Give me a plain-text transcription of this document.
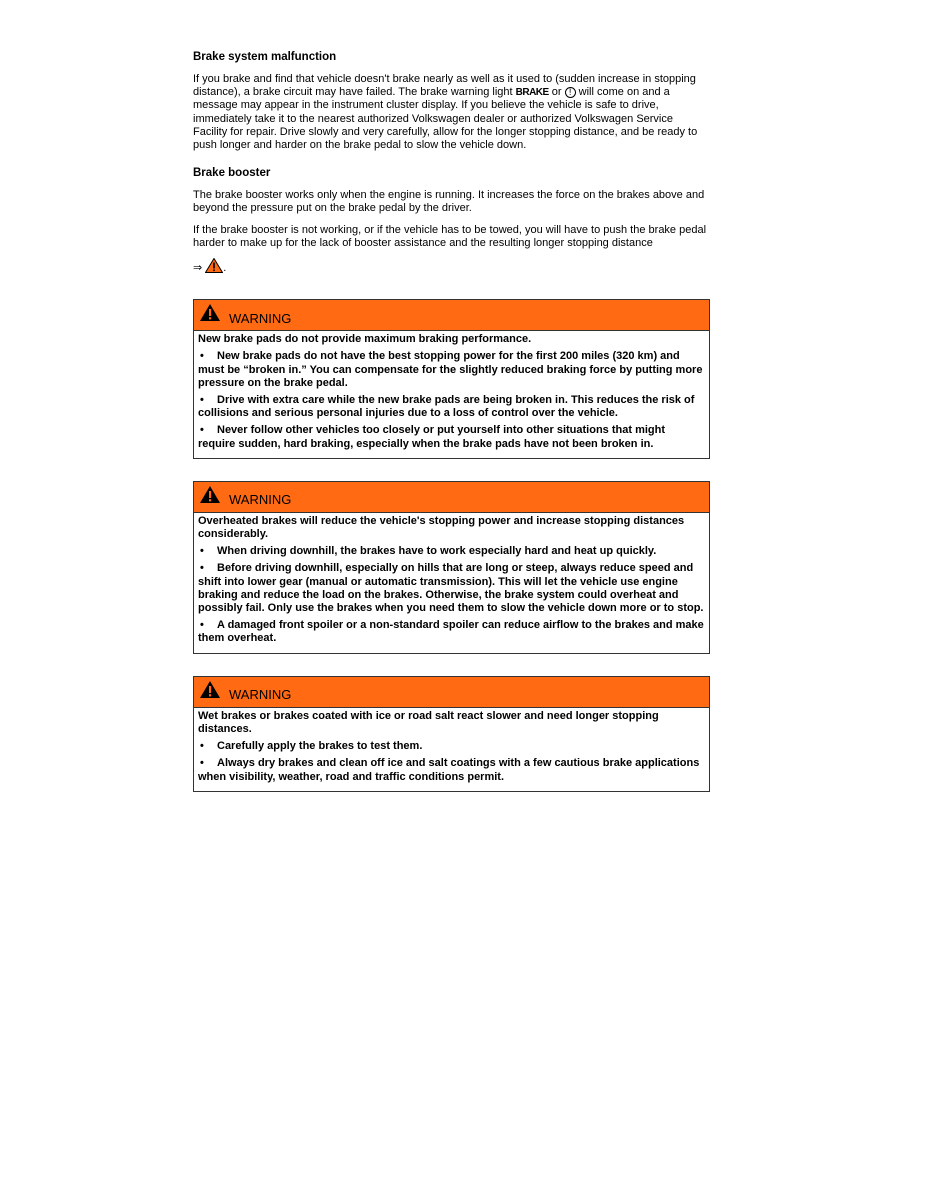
Brake system malfunction

If you brake and find that vehicle doesn't brake nearly as well as it used to (sudden increase in stopping distance), a brake circuit may have failed. The brake warning light BRAKE or ! will come on and a message may appear in the instrument cluster display. If you believe the vehicle is safe to drive, immediately take it to the nearest authorized Volkswagen dealer or authorized Volkswagen Service Facility for repair. Drive slowly and very carefully, allow for the longer stopping distance, and be ready to push longer and harder on the brake pedal to slow the vehicle down.

Brake booster

The brake booster works only when the engine is running. It increases the force on the brakes above and beyond the pressure put on the brake pedal by the driver.

If the brake booster is not working, or if the vehicle has to be towed, you will have to push the brake pedal harder to make up for the lack of booster assistance and the resulting longer stopping distance

⇒ .

WARNING

New brake pads do not provide maximum braking performance.

• New brake pads do not have the best stopping power for the first 200 miles (320 km) and must be “broken in.” You can compensate for the slightly reduced braking force by putting more pressure on the brake pedal.

• Drive with extra care while the new brake pads are being broken in. This reduces the risk of collisions and serious personal injuries due to a loss of control over the vehicle.

• Never follow other vehicles too closely or put yourself into other situations that might require sudden, hard braking, especially when the brake pads have not been broken in.

WARNING

Overheated brakes will reduce the vehicle's stopping power and increase stopping distances considerably.

• When driving downhill, the brakes have to work especially hard and heat up quickly.

• Before driving downhill, especially on hills that are long or steep, always reduce speed and shift into lower gear (manual or automatic transmission). This will let the vehicle use engine braking and reduce the load on the brakes. Otherwise, the brake system could overheat and possibly fail. Only use the brakes when you need them to slow the vehicle down more or to stop.

• A damaged front spoiler or a non-standard spoiler can reduce airflow to the brakes and make them overheat.

WARNING

Wet brakes or brakes coated with ice or road salt react slower and need longer stopping distances.

• Carefully apply the brakes to test them.

• Always dry brakes and clean off ice and salt coatings with a few cautious brake applications when visibility, weather, road and traffic conditions permit.
